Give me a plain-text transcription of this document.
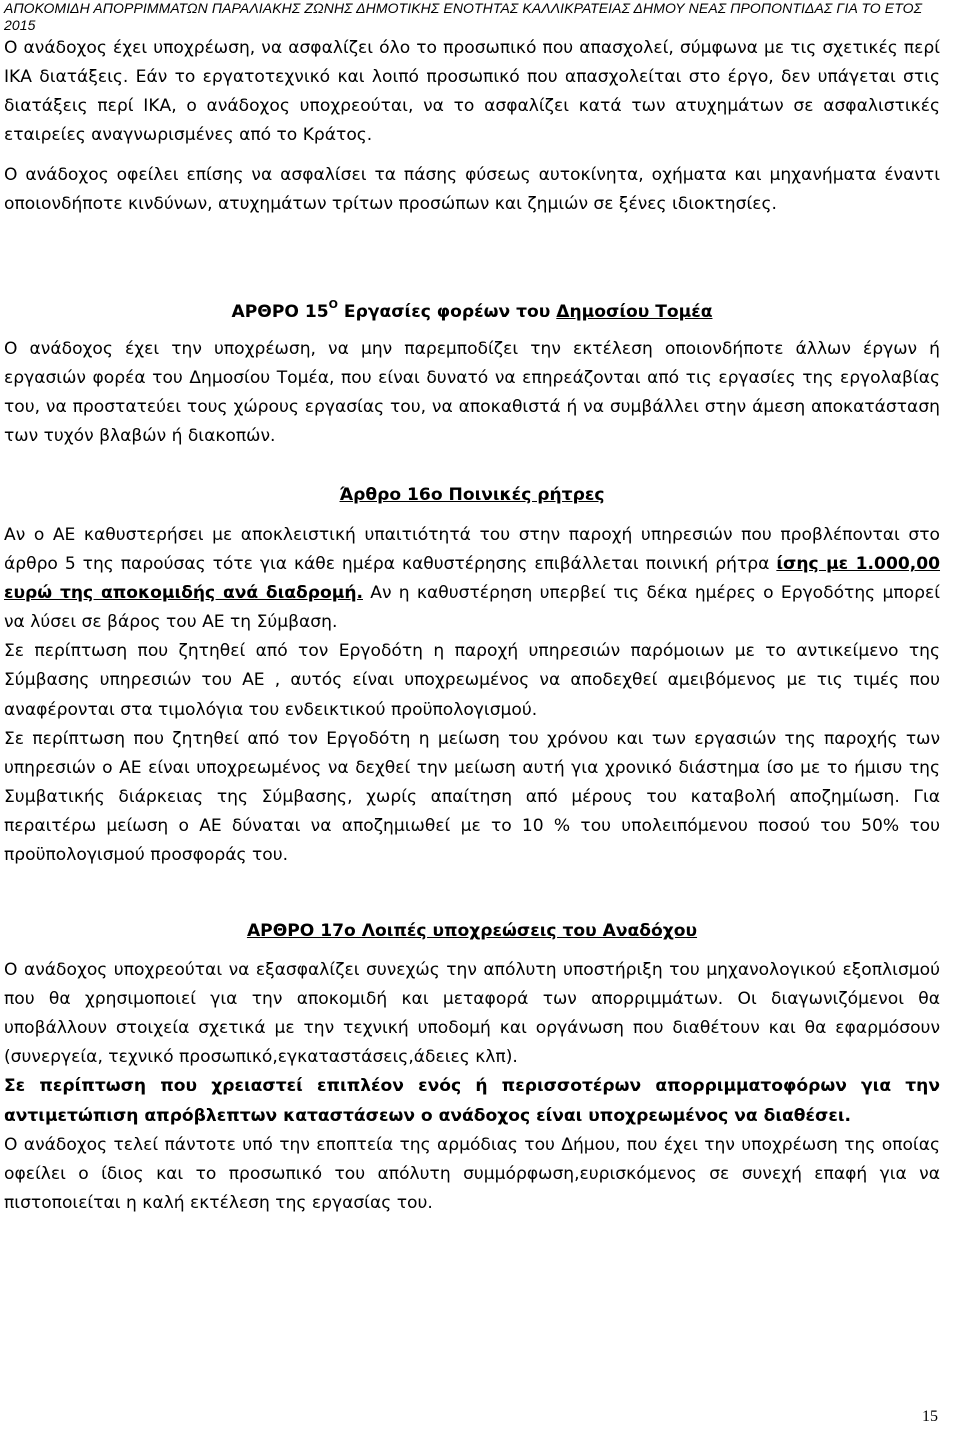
ΑΠΟΚΟΜΙΔΗ ΑΠΟΡΡΙΜΜΑΤΩΝ ΠΑΡΑΛΙΑΚΗΣ ΖΩΝΗΣ ΔΗΜΟΤΙΚΗΣ ΕΝΟΤΗΤΑΣ ΚΑΛΛΙΚΡΑΤΕΙΑΣ ΔΗΜΟΥ ΝΕΑΣ ΠΡΟΠΟΝΤΙΔΑΣ ΓΙΑ ΤΟ ΕΤΟΣ 2015

Ο ανάδοχος έχει υποχρέωση, να ασφαλίζει όλο το προσωπικό που απασχολεί, σύμφωνα με τις σχετικές περί ΙΚΑ διατάξεις. Εάν το εργατοτεχνικό και λοιπό προσωπικό που απασχολείται στο έργο, δεν υπάγεται στις διατάξεις περί ΙΚΑ, ο ανάδοχος υποχρεούται, να το ασφαλίζει κατά των ατυχημάτων σε ασφαλιστικές εταιρείες αναγνωρισμένες από το Κράτος.

Ο ανάδοχος οφείλει επίσης να ασφαλίσει τα πάσης φύσεως αυτοκίνητα, οχήματα και μηχανήματα έναντι οποιονδήποτε κινδύνων, ατυχημάτων τρίτων προσώπων και ζημιών σε ξένες ιδιοκτησίες.

ΑΡΘΡΟ $15^O$ Εργασίες φορέων του Δημοσίου Τομέα

Ο ανάδοχος έχει την υποχρέωση, να μην παρεμποδίζει την εκτέλεση οποιονδήποτε άλλων έργων ή εργασιών φορέα του Δημοσίου Τομέα, που είναι δυνατό να επηρεάζονται από τις εργασίες της εργολαβίας του, να προστατεύει τους χώρους εργασίας του, να αποκαθιστά ή να συμβάλλει στην άμεση αποκατάσταση των τυχόν βλαβών ή διακοπών.

Άρθρο 16ο Ποινικές ρήτρες

Αν ο ΑΕ καθυστερήσει με αποκλειστική υπαιτιότητά του στην παροχή υπηρεσιών που προβλέπονται στο άρθρο 5 της παρούσας τότε για κάθε ημέρα καθυστέρησης επιβάλλεται ποινική ρήτρα ίσης με 1.000,00 ευρώ της αποκομιδής ανά διαδρομή. Αν η καθυστέρηση υπερβεί τις δέκα ημέρες ο Εργοδότης μπορεί να λύσει σε βάρος του ΑΕ τη Σύμβαση.

Σε περίπτωση που ζητηθεί από τον Εργοδότη η παροχή υπηρεσιών παρόμοιων με το αντικείμενο της Σύμβασης υπηρεσιών του ΑΕ , αυτός είναι υποχρεωμένος να αποδεχθεί αμειβόμενος με τις τιμές που αναφέρονται στα τιμολόγια του ενδεικτικού προϋπολογισμού.

Σε περίπτωση που ζητηθεί από τον Εργοδότη η μείωση του χρόνου και των εργασιών της παροχής των υπηρεσιών ο ΑΕ είναι υποχρεωμένος να δεχθεί την μείωση αυτή για χρονικό διάστημα ίσο με το ήμισυ της Συμβατικής διάρκειας της Σύμβασης, χωρίς απαίτηση από μέρους του καταβολή αποζημίωση. Για περαιτέρω μείωση ο ΑΕ δύναται να αποζημιωθεί με το 10 % του υπολειπόμενου ποσού του 50% του προϋπολογισμού προσφοράς του.

ΑΡΘΡΟ 17ο Λοιπές υποχρεώσεις του Αναδόχου

Ο ανάδοχος υποχρεούται να εξασφαλίζει συνεχώς την απόλυτη υποστήριξη του μηχανολογικού εξοπλισμού που θα χρησιμοποιεί για την αποκομιδή και μεταφορά των απορριμμάτων. Οι διαγωνιζόμενοι θα υποβάλλουν στοιχεία σχετικά με την τεχνική υποδομή και οργάνωση που διαθέτουν και θα εφαρμόσουν (συνεργεία, τεχνικό προσωπικό,εγκαταστάσεις,άδειες κλπ).

Σε περίπτωση που χρειαστεί επιπλέον ενός ή περισσοτέρων απορριμματοφόρων για την αντιμετώπιση απρόβλεπτων καταστάσεων ο ανάδοχος είναι υποχρεωμένος να διαθέσει.

Ο ανάδοχος τελεί πάντοτε υπό την εποπτεία της αρμόδιας του Δήμου, που έχει την υποχρέωση της οποίας οφείλει ο ίδιος και το προσωπικό του απόλυτη συμμόρφωση,ευρισκόμενος σε συνεχή επαφή για να πιστοποιείται η καλή εκτέλεση της εργασίας του.

15
